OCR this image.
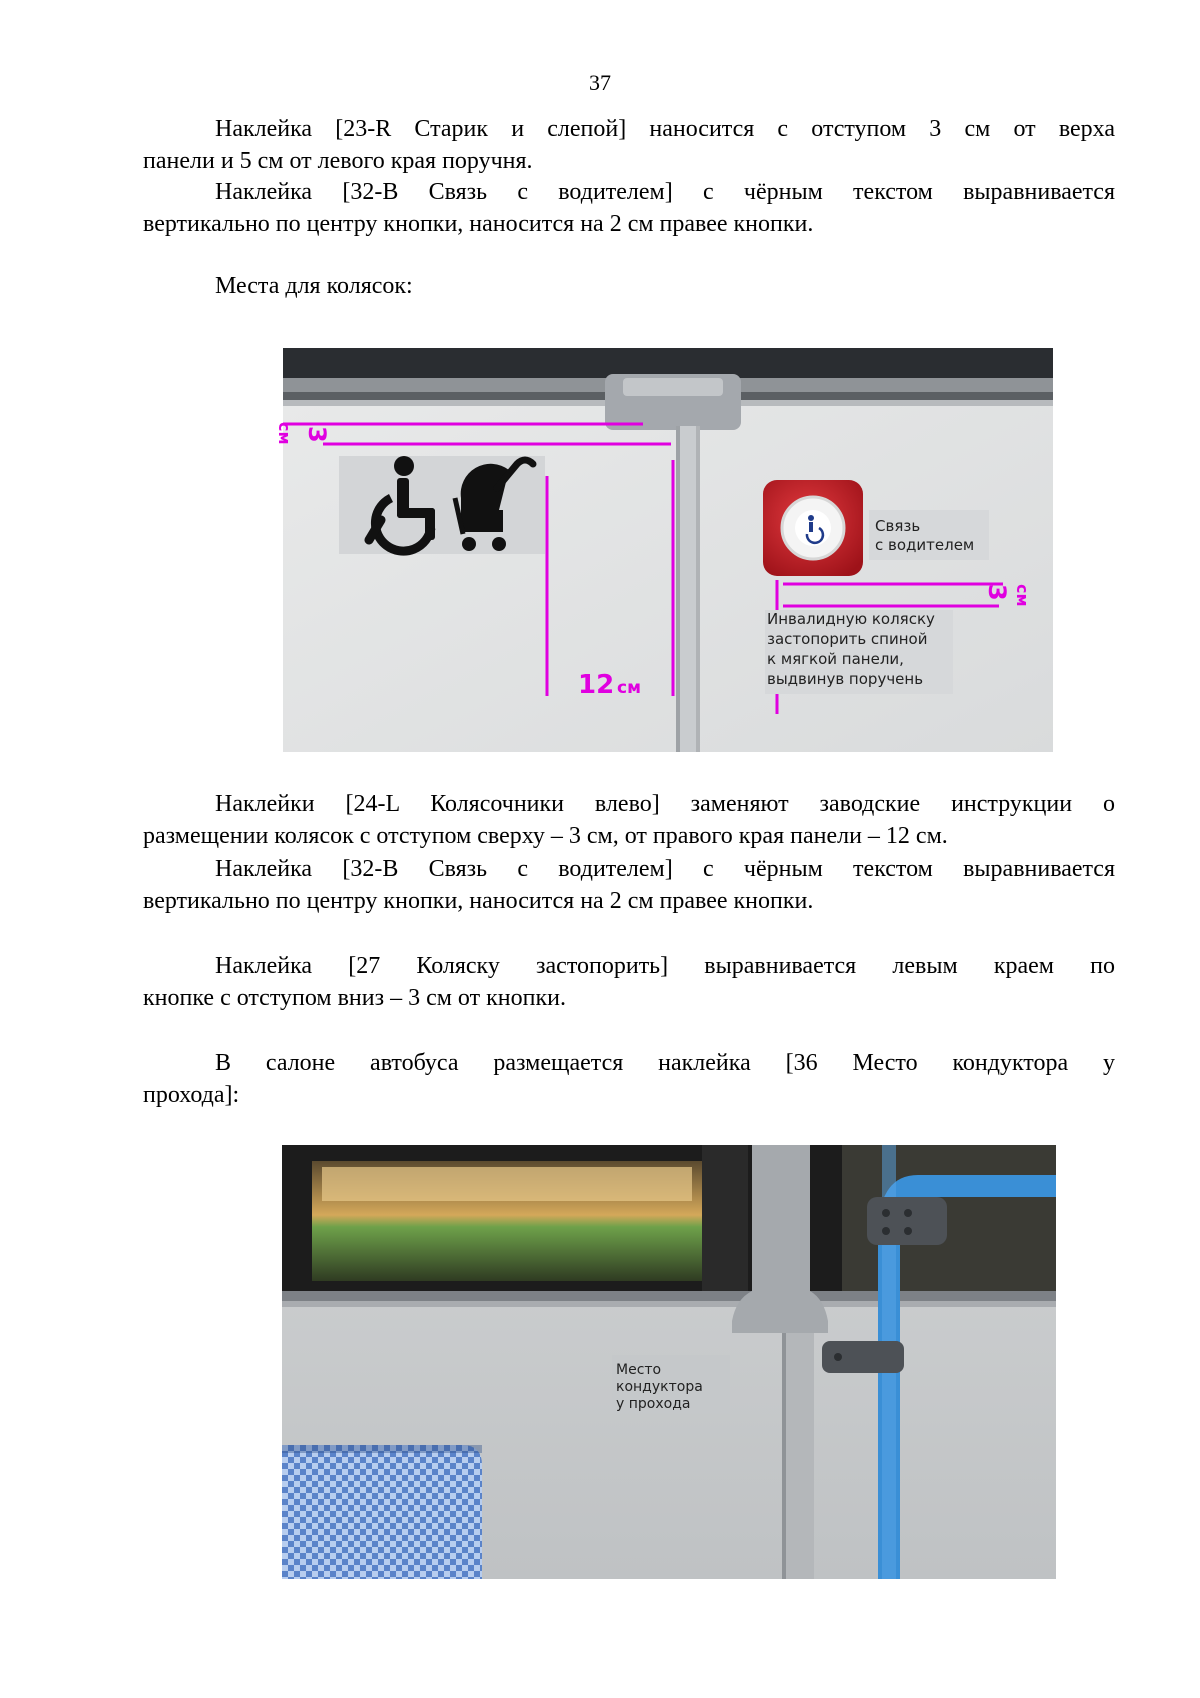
37

Наклейка [23-R Старик и слепой] наносится с отступом 3 см от верха
панели и 5 см от левого края поручня.

Наклейка [32-В Связь с водителем] с чёрным текстом выравнивается
вертикально по центру кнопки, наносится на 2 см правее кнопки.

Места для колясок:

3
см
12 см
Связь
с водителем
3 см
Инвалидную коляску
застопорить спиной
к мягкой панели,
выдвинув поручень

Наклейки [24-L Колясочники влево] заменяют заводские инструкции о
размещении колясок с отступом сверху – 3 см, от правого края панели – 12 см.

Наклейка [32-В Связь с водителем] с чёрным текстом выравнивается
вертикально по центру кнопки, наносится на 2 см правее кнопки.

Наклейка [27 Коляску застопорить] выравнивается левым краем по
кнопке с отступом вниз – 3 см от кнопки.

В салоне автобуса размещается наклейка [36 Место кондуктора у
прохода]:

Место
кондуктора
у прохода
